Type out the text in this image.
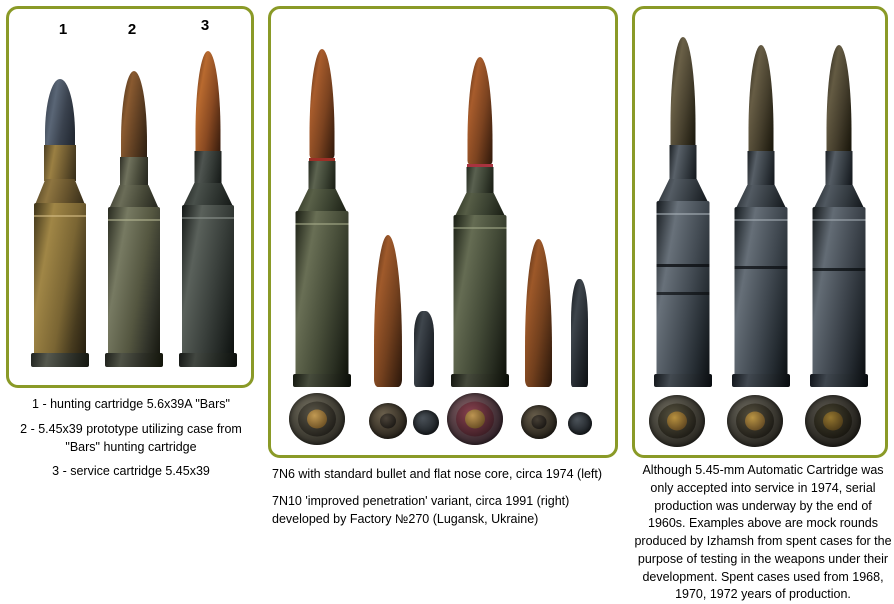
1	2	3
1 - hunting cartridge 5.6x39A "Bars"
2 - 5.45x39 prototype utilizing case from "Bars" hunting cartridge
3 - service cartridge 5.45x39	7N6 with standard bullet and flat nose core, circa 1974 (left)
7N10 'improved penetration' variant, circa 1991 (right) developed by Factory №270 (Lugansk, Ukraine)
Although 5.45-mm Automatic Cartridge was only accepted into service in 1974, serial production was underway by the end of 1960s. Examples above are mock rounds produced by Izhamsh from spent cases for the purpose of testing in the weapons under their development. Spent cases used from 1968, 1970, 1972 years of production.
